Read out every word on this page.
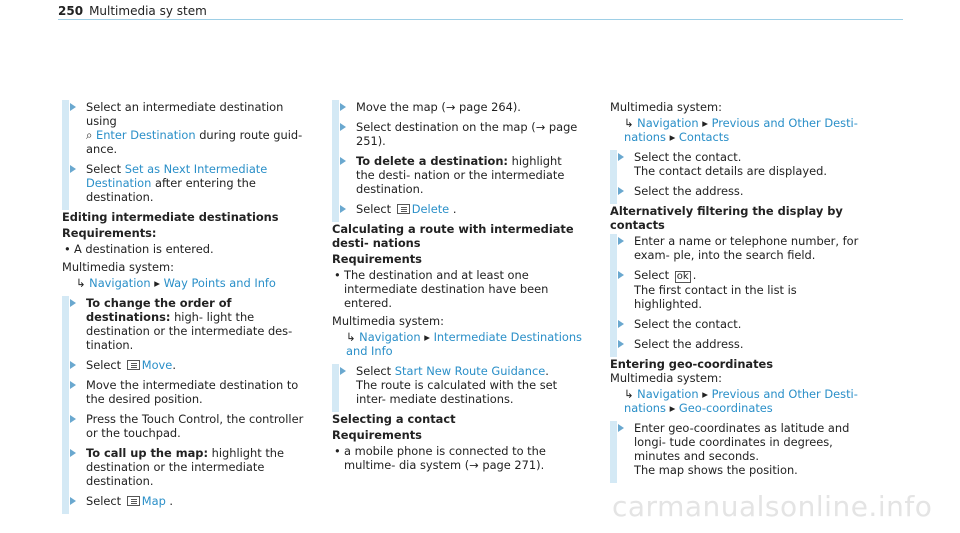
250 Multimedia sy stem
Select an intermediate destination using
⌕ Enter Destination during route guid- ance.
Select Set as Next Intermediate Destination after entering the destination.
Editing intermediate destinations
Requirements:
• A destination is entered.
Multimedia system:
↳ Navigation ▸ Way Points and Info
To change the order of destinations: high- light the destination or the intermediate des- tination.
Select Move.
Move the intermediate destination to the desired position.
Press the Touch Control, the controller or the touchpad.
To call up the map: highlight the destination or the intermediate destination.
Select Map .
Move the map (→ page 264).
Select destination on the map (→ page 251).
To delete a destination: highlight the desti- nation or the intermediate destination.
Select Delete .
Calculating a route with intermediate desti- nations
Requirements
• The destination and at least one intermediate destination have been entered.
Multimedia system:
↳ Navigation ▸ Intermediate Destinations and Info
Select Start New Route Guidance.
The route is calculated with the set inter- mediate destinations.
Selecting a contact
Requirements
• a mobile phone is connected to the multime- dia system (→ page 271).
Multimedia system:
↳ Navigation ▸ Previous and Other Desti- nations ▸ Contacts
Select the contact.
The contact details are displayed.
Select the address.
Alternatively filtering the display by contacts
Enter a name or telephone number, for exam- ple, into the search field.
Select ok .
The first contact in the list is highlighted.
Select the contact.
Select the address.
Entering geo-coordinates
Multimedia system:
↳ Navigation ▸ Previous and Other Desti- nations ▸ Geo-coordinates
Enter geo-coordinates as latitude and longi- tude coordinates in degrees, minutes and seconds.
The map shows the position.
carmanualsonline.info
